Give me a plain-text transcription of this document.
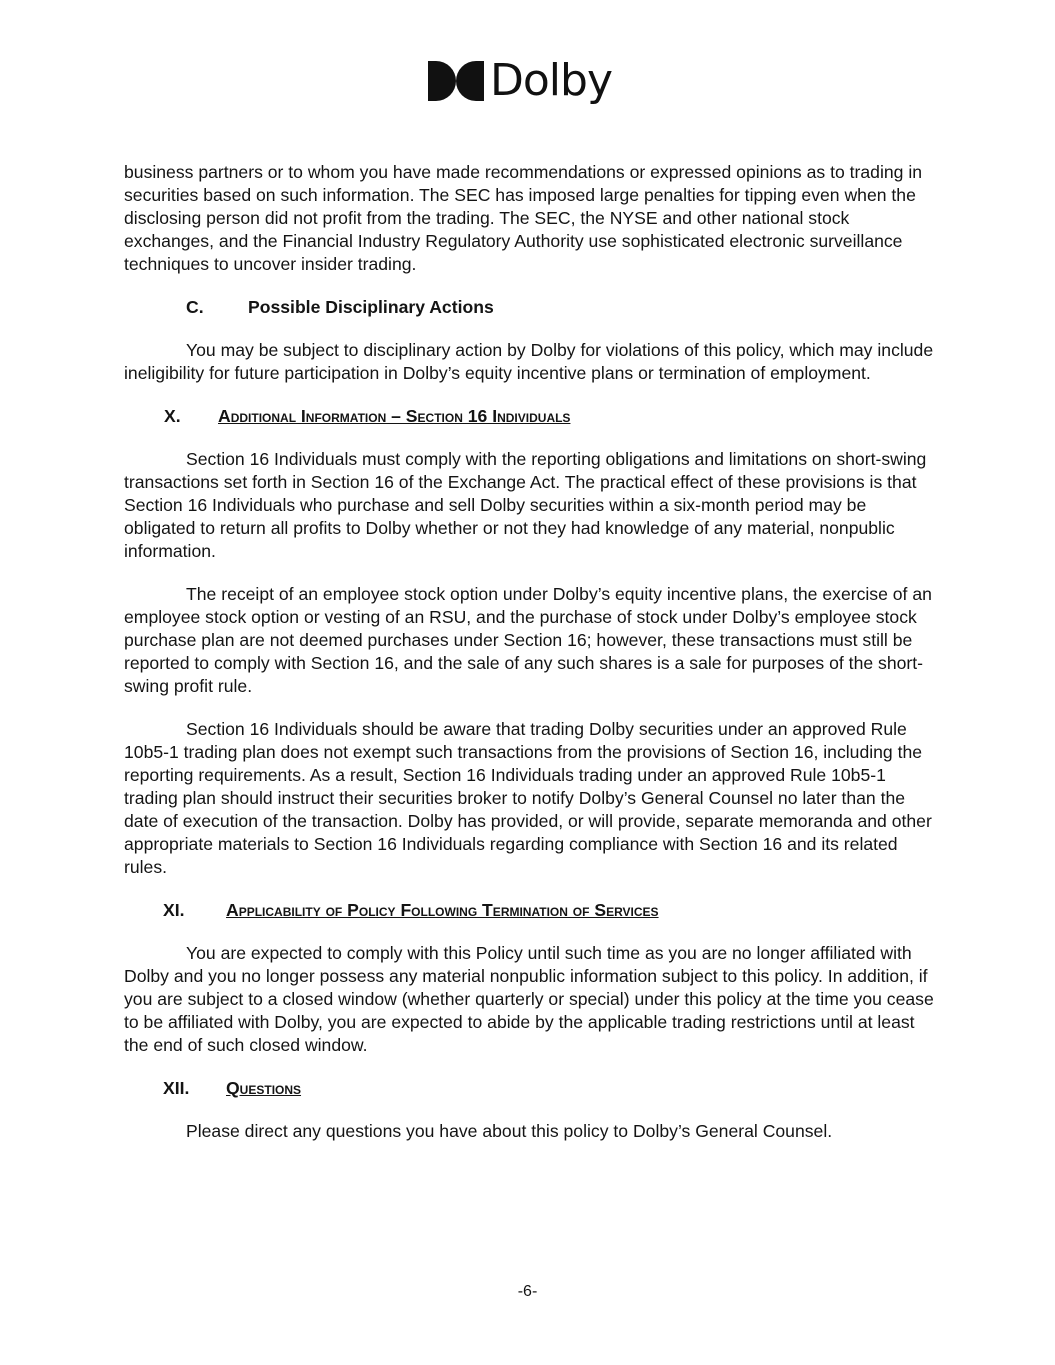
Dolby

business partners or to whom you have made recommendations or expressed opinions as to trading in securities based on such information. The SEC has imposed large penalties for tipping even when the disclosing person did not profit from the trading. The SEC, the NYSE and other national stock exchanges, and the Financial Industry Regulatory Authority use sophisticated electronic surveillance techniques to uncover insider trading.

C.	Possible Disciplinary Actions

You may be subject to disciplinary action by Dolby for violations of this policy, which may include ineligibility for future participation in Dolby’s equity incentive plans or termination of employment.

X.	Additional Information – Section 16 Individuals

Section 16 Individuals must comply with the reporting obligations and limitations on short-swing transactions set forth in Section 16 of the Exchange Act. The practical effect of these provisions is that Section 16 Individuals who purchase and sell Dolby securities within a six-month period may be obligated to return all profits to Dolby whether or not they had knowledge of any material, nonpublic information.

The receipt of an employee stock option under Dolby’s equity incentive plans, the exercise of an employee stock option or vesting of an RSU, and the purchase of stock under Dolby’s employee stock purchase plan are not deemed purchases under Section 16; however, these transactions must still be reported to comply with Section 16, and the sale of any such shares is a sale for purposes of the short-swing profit rule.

Section 16 Individuals should be aware that trading Dolby securities under an approved Rule 10b5-1 trading plan does not exempt such transactions from the provisions of Section 16, including the reporting requirements. As a result, Section 16 Individuals trading under an approved Rule 10b5-1 trading plan should instruct their securities broker to notify Dolby’s General Counsel no later than the date of execution of the transaction. Dolby has provided, or will provide, separate memoranda and other appropriate materials to Section 16 Individuals regarding compliance with Section 16 and its related rules.

XI.	Applicability of Policy Following Termination of Services

You are expected to comply with this Policy until such time as you are no longer affiliated with Dolby and you no longer possess any material nonpublic information subject to this policy. In addition, if you are subject to a closed window (whether quarterly or special) under this policy at the time you cease to be affiliated with Dolby, you are expected to abide by the applicable trading restrictions until at least the end of such closed window.

XII.	Questions

Please direct any questions you have about this policy to Dolby’s General Counsel.

-6-
